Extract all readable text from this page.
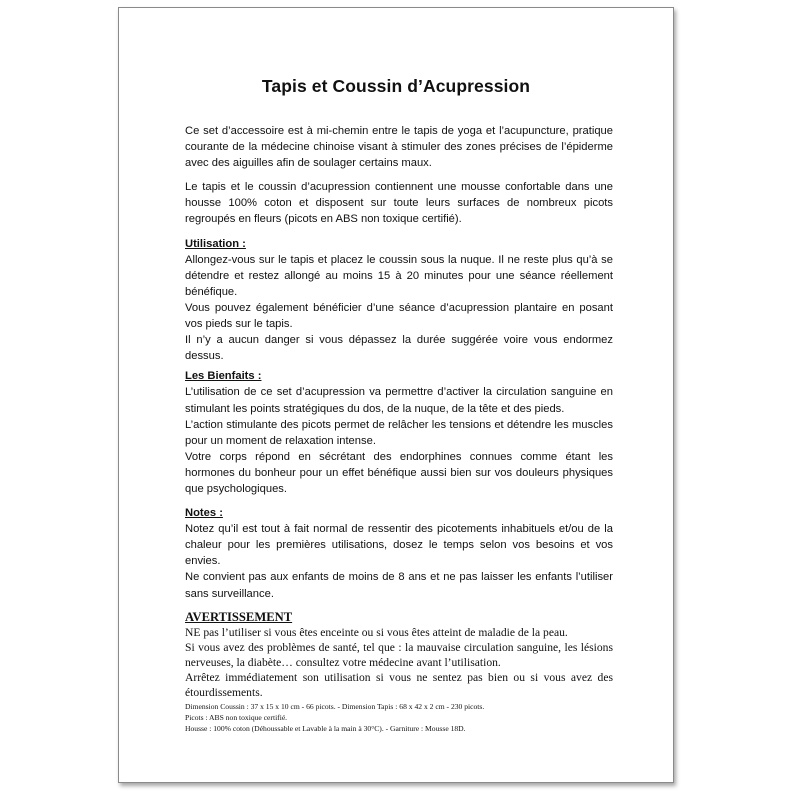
Tapis et Coussin d’Acupression

Ce set d’accessoire est à mi-chemin entre le tapis de yoga et l’acupuncture, pratique courante de la médecine chinoise visant à stimuler des zones précises de l’épiderme avec des aiguilles afin de soulager certains maux.

Le tapis et le coussin d’acupression contiennent une mousse confortable dans une housse 100% coton et disposent sur toute leurs surfaces de nombreux picots regroupés en fleurs (picots en ABS non toxique certifié).

Utilisation :

Allongez-vous sur le tapis et placez le coussin sous la nuque. Il ne reste plus qu’à se détendre et restez allongé au moins 15 à 20 minutes pour une séance réellement bénéfique.

Vous pouvez également bénéficier d’une séance d’acupression plantaire en posant vos pieds sur le tapis.

Il n’y a aucun danger si vous dépassez la durée suggérée voire vous endormez dessus.

Les Bienfaits :

L’utilisation de ce set d’acupression va permettre d’activer la circulation sanguine en stimulant les points stratégiques du dos, de la nuque, de la tête et des pieds.

L’action stimulante des picots permet de relâcher les tensions et détendre les muscles pour un moment de relaxation intense.

Votre corps répond en sécrétant des endorphines connues comme étant les hormones du bonheur pour un effet bénéfique aussi bien sur vos douleurs physiques que psychologiques.

Notes :

Notez qu’il est tout à fait normal de ressentir des picotements inhabituels et/ou de la chaleur pour les premières utilisations, dosez le temps selon vos besoins et vos envies.

Ne convient pas aux enfants de moins de 8 ans et ne pas laisser les enfants l’utiliser sans surveillance.

AVERTISSEMENT

NE pas l’utiliser si vous êtes enceinte ou si vous êtes atteint de maladie de la peau.

Si vous avez des problèmes de santé, tel que : la mauvaise circulation sanguine, les lésions nerveuses, la diabète… consultez votre médecine avant l’utilisation.

Arrêtez immédiatement son utilisation si vous ne sentez pas bien ou si vous avez des étourdissements.

Dimension Coussin : 37 x 15 x 10 cm - 66 picots. - Dimension Tapis : 68 x 42 x 2 cm - 230 picots.

Picots : ABS non toxique certifié.

Housse : 100% coton (Déhoussable et Lavable à la main à 30°C). - Garniture : Mousse 18D.
